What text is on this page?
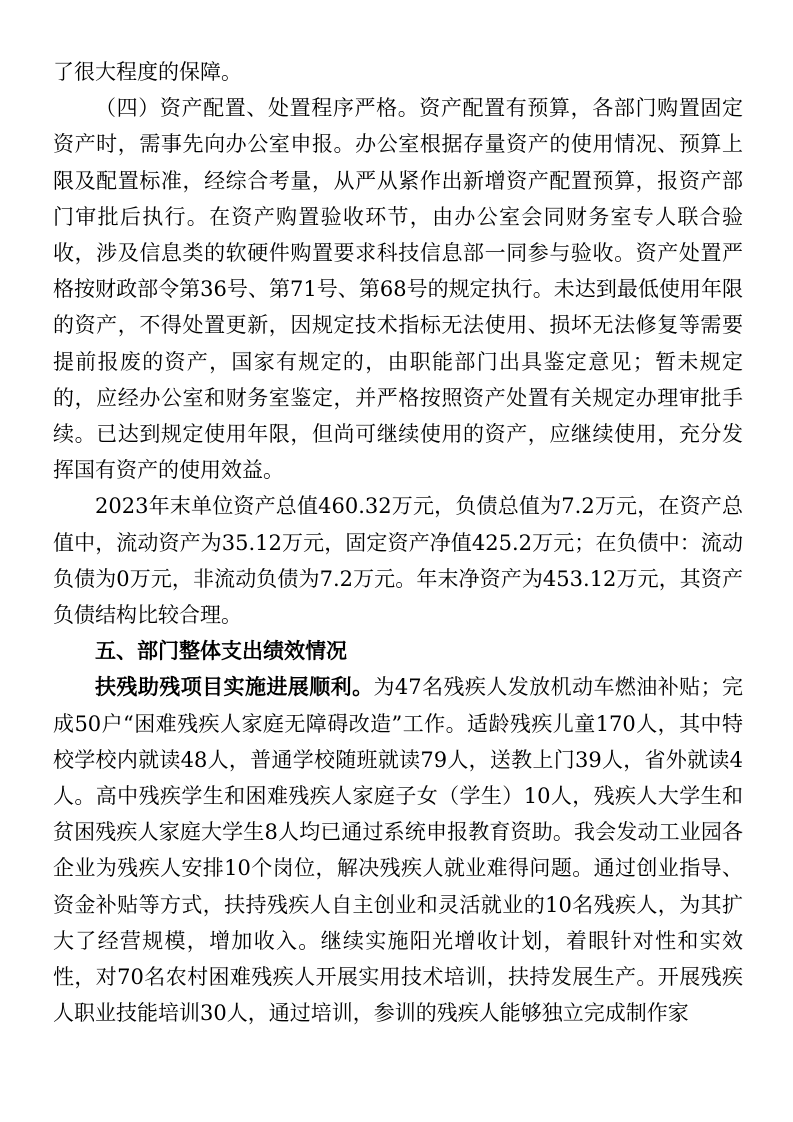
了很大程度的保障。

（四）资产配置、处置程序严格。资产配置有预算，各部门购置固定资产时，需事先向办公室申报。办公室根据存量资产的使用情况、预算上限及配置标准，经综合考量，从严从紧作出新增资产配置预算，报资产部门审批后执行。在资产购置验收环节，由办公室会同财务室专人联合验收，涉及信息类的软硬件购置要求科技信息部一同参与验收。资产处置严格按财政部令第36号、第71号、第68号的规定执行。未达到最低使用年限的资产，不得处置更新，因规定技术指标无法使用、损坏无法修复等需要提前报废的资产，国家有规定的，由职能部门出具鉴定意见；暂未规定的，应经办公室和财务室鉴定，并严格按照资产处置有关规定办理审批手续。已达到规定使用年限，但尚可继续使用的资产，应继续使用，充分发挥国有资产的使用效益。

2023年末单位资产总值460.32万元，负债总值为7.2万元，在资产总值中，流动资产为35.12万元，固定资产净值425.2万元；在负债中：流动负债为0万元，非流动负债为7.2万元。年末净资产为453.12万元，其资产负债结构比较合理。

五、部门整体支出绩效情况

扶残助残项目实施进展顺利。为47名残疾人发放机动车燃油补贴；完成50户“困难残疾人家庭无障碍改造”工作。适龄残疾儿童170人，其中特校学校内就读48人，普通学校随班就读79人，送教上门39人，省外就读4人。高中残疾学生和困难残疾人家庭子女（学生）10人，残疾人大学生和贫困残疾人家庭大学生8人均已通过系统申报教育资助。我会发动工业园各企业为残疾人安排10个岗位，解决残疾人就业难得问题。通过创业指导、资金补贴等方式，扶持残疾人自主创业和灵活就业的10名残疾人，为其扩大了经营规模，增加收入。继续实施阳光增收计划，着眼针对性和实效性，对70名农村困难残疾人开展实用技术培训，扶持发展生产。开展残疾人职业技能培训30人，通过培训，参训的残疾人能够独立完成制作家
